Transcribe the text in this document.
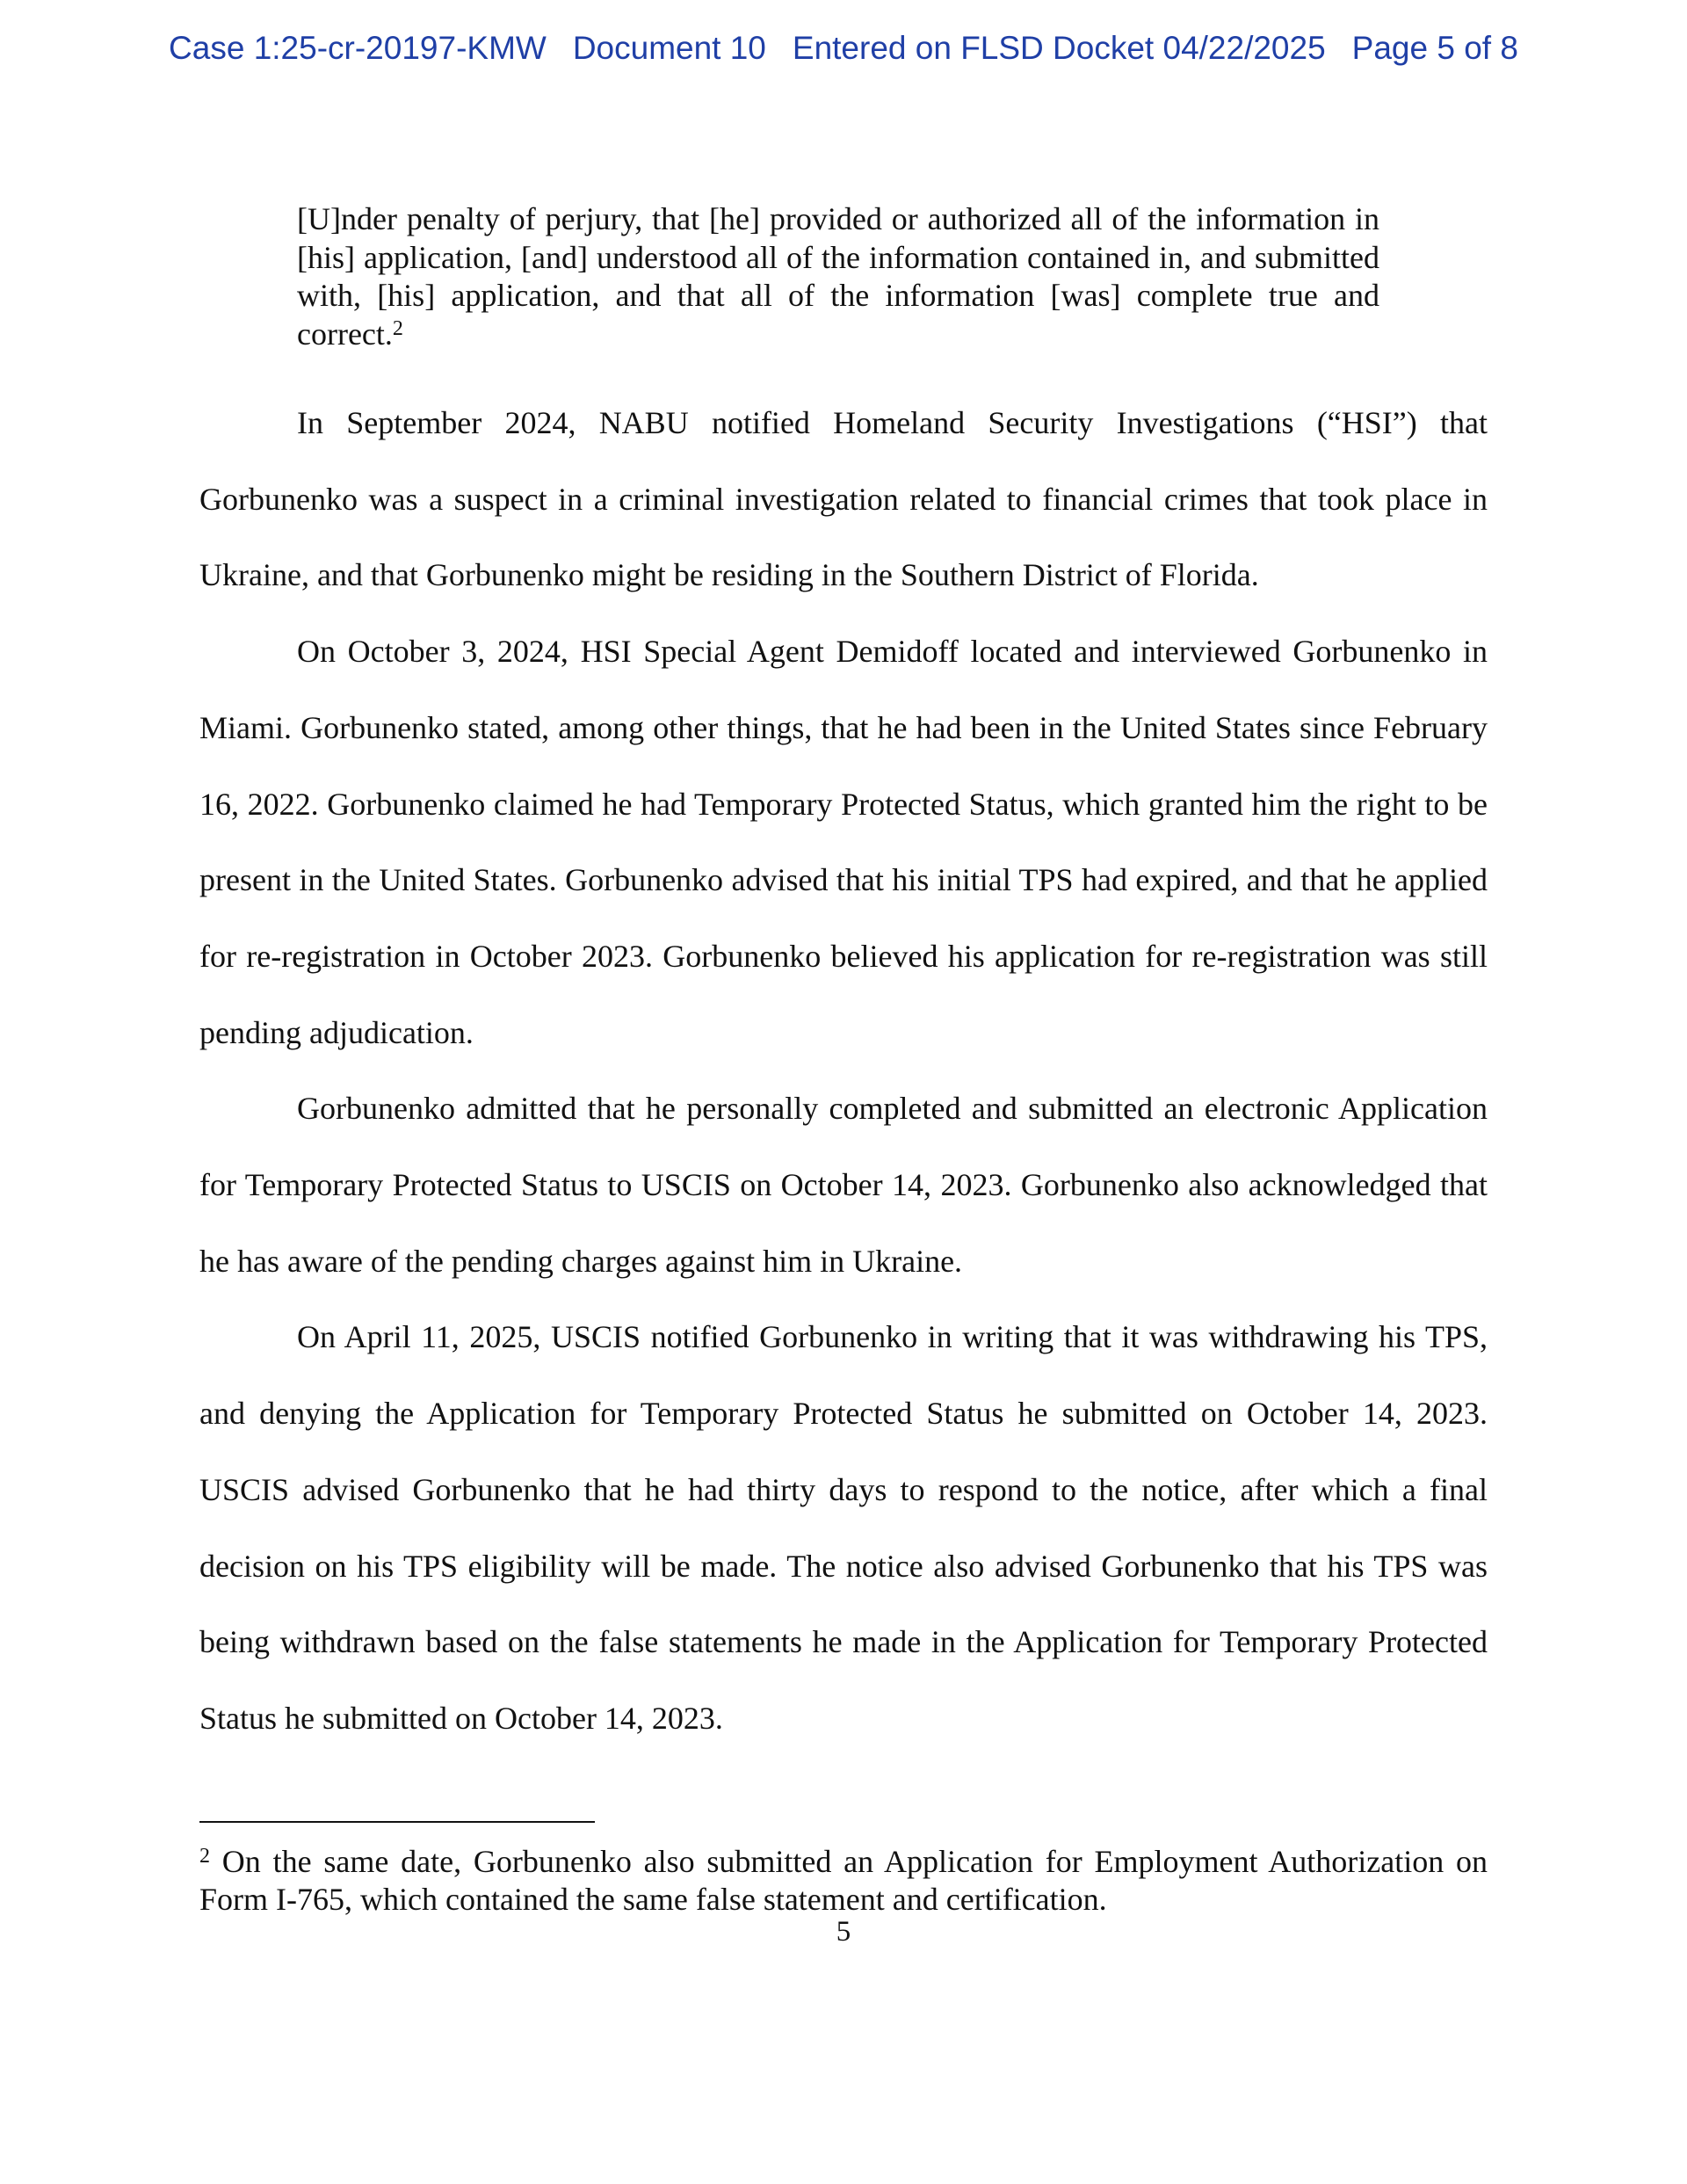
Case 1:25-cr-20197-KMW Document 10 Entered on FLSD Docket 04/22/2025 Page 5 of 8
[U]nder penalty of perjury, that [he] provided or authorized all of the information in [his] application, [and] understood all of the information contained in, and submitted with, [his] application, and that all of the information [was] complete true and correct.$^2$

In September 2024, NABU notified Homeland Security Investigations (“HSI”) that Gorbunenko was a suspect in a criminal investigation related to financial crimes that took place in Ukraine, and that Gorbunenko might be residing in the Southern District of Florida.

On October 3, 2024, HSI Special Agent Demidoff located and interviewed Gorbunenko in Miami. Gorbunenko stated, among other things, that he had been in the United States since February 16, 2022. Gorbunenko claimed he had Temporary Protected Status, which granted him the right to be present in the United States. Gorbunenko advised that his initial TPS had expired, and that he applied for re-registration in October 2023. Gorbunenko believed his application for re-registration was still pending adjudication.

Gorbunenko admitted that he personally completed and submitted an electronic Application for Temporary Protected Status to USCIS on October 14, 2023. Gorbunenko also acknowledged that he has aware of the pending charges against him in Ukraine.

On April 11, 2025, USCIS notified Gorbunenko in writing that it was withdrawing his TPS, and denying the Application for Temporary Protected Status he submitted on October 14, 2023. USCIS advised Gorbunenko that he had thirty days to respond to the notice, after which a final decision on his TPS eligibility will be made. The notice also advised Gorbunenko that his TPS was being withdrawn based on the false statements he made in the Application for Temporary Protected Status he submitted on October 14, 2023.

$^2$ On the same date, Gorbunenko also submitted an Application for Employment Authorization on Form I-765, which contained the same false statement and certification.
5
